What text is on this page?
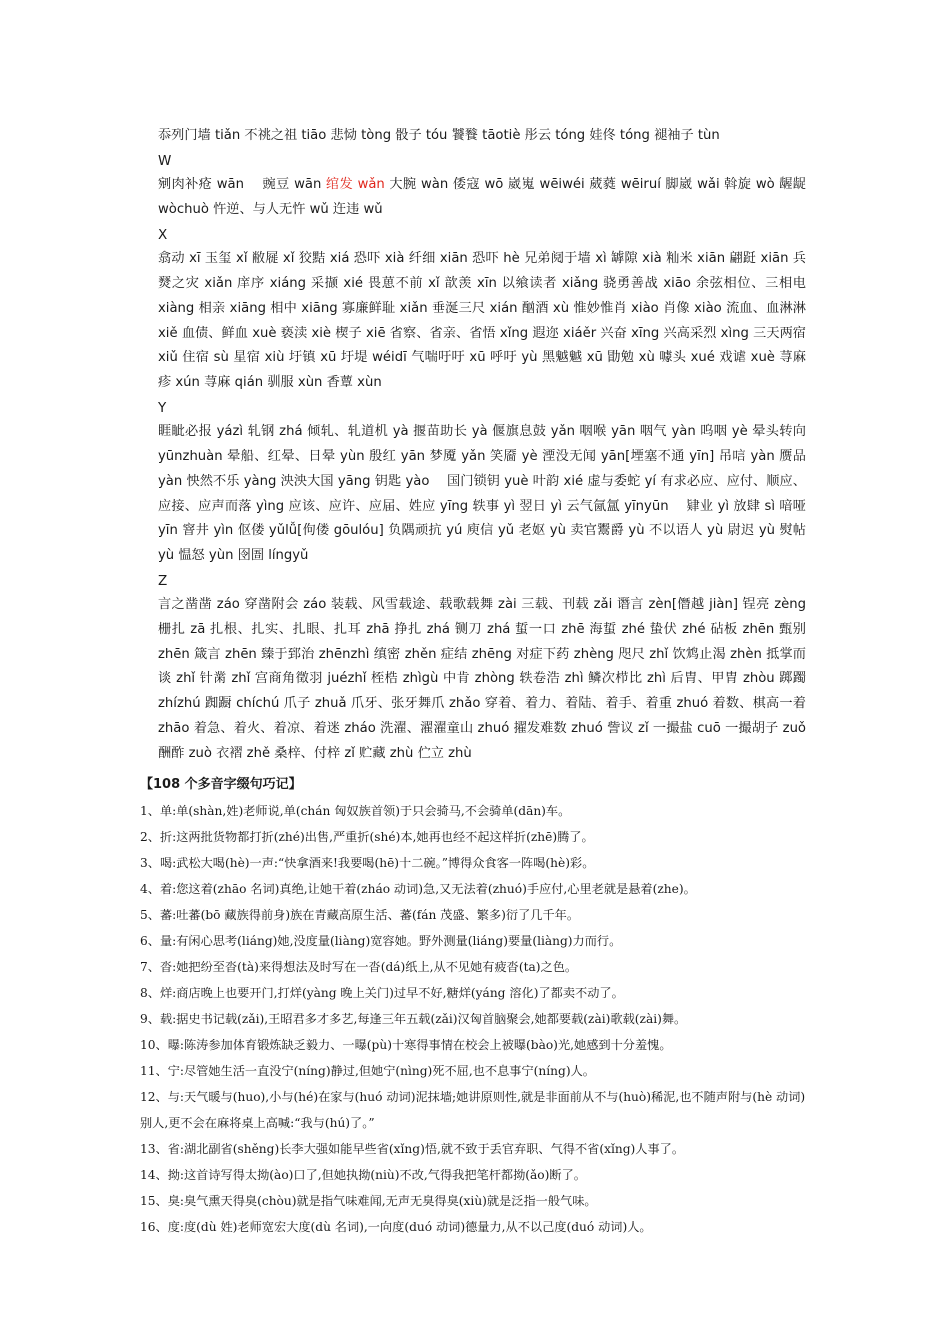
忝列门墙 tiǎn 不祧之祖 tiāo 悲恸 tòng 骰子 tóu 饕餮 tāotiè 彤云 tóng 娃佟 tóng 褪袖子 tùn

W

剜肉补疮 wān　 豌豆 wān 绾发 wǎn 大腕 wàn 倭寇 wō 崴嵬 wēiwéi 葳蕤 wēiruí 脚崴 wǎi 斡旋 wò 龌龊 wòchuò 忤逆、与人无忤 wǔ 迕违 wǔ

X

翕动 xī 玉玺 xǐ 敝屣 xǐ 狡黠 xiá 恐吓 xià 纤细 xiān 恐吓 hè 兄弟阋于墙 xì 罅隙 xià 籼米 xiān 翩跹 xiān 兵燹之灾 xiǎn 庠序 xiáng 采撷 xié 畏葸不前 xǐ 歆羡 xīn 以飨读者 xiǎng 骁勇善战 xiāo 余弦相位、三相电 xiàng 相亲 xiāng 相中 xiāng 寡廉鲜耻 xiǎn 垂涎三尺 xián 酗酒 xù 惟妙惟肖 xiào 肖像 xiào 流血、血淋淋 xiě 血债、鲜血 xuè 亵渎 xiè 楔子 xiē 省察、省亲、省悟 xǐng 遐迩 xiáěr 兴奋 xīng 兴高采烈 xìng 三天两宿 xiǔ 住宿 sù 星宿 xiù 圩镇 xū 圩堤 wéidī 气喘吁吁 xū 呼吁 yù 黑魆魆 xū 勖勉 xù 噱头 xué 戏谑 xuè 荨麻疹 xún 荨麻 qián 驯服 xùn 香蕈 xùn

Y

睚眦必报 yázì 轧钢 zhá 倾轧、轧道机 yà 揠苗助长 yà 偃旗息鼓 yǎn 咽喉 yān 咽气 yàn 呜咽 yè 晕头转向 yūnzhuàn 晕船、红晕、日晕 yùn 殷红 yān 梦魇 yǎn 笑靥 yè 湮没无闻 yān[堙塞不通 yīn] 吊唁 yàn 赝品 yàn 怏然不乐 yàng 泱泱大国 yāng 钥匙 yào　 国门锁钥 yuè 叶韵 xié 虚与委蛇 yí 有求必应、应付、顺应、应接、应声而落 yìng 应该、应许、应届、姓应 yīng 轶事 yì 翌日 yì 云气氤氲 yīnyūn　 肄业 yì 放肆 sì 喑哑 yīn 窨井 yìn 伛偻 yǔlǚ[佝偻 gōulóu] 负隅顽抗 yú 庾信 yǔ 老妪 yù 卖官鬻爵 yù 不以语人 yù 尉迟 yù 熨帖 yù 愠怒 yùn 囹圄 língyǔ

Z

言之凿凿 záo 穿凿附会 záo 装载、风雪载途、载歌载舞 zài 三载、刊载 zǎi 谮言 zèn[僭越 jiàn] 锃亮 zèng 栅扎 zā 扎根、扎实、扎眼、扎耳 zhā 挣扎 zhá 铡刀 zhá 蜇一口 zhē 海蜇 zhé 蛰伏 zhé 砧板 zhēn 甄别 zhēn 箴言 zhēn 臻于郅治 zhēnzhì 缜密 zhěn 症结 zhēng 对症下药 zhèng 咫尺 zhǐ 饮鸩止渴 zhèn 抵掌而谈 zhǐ 针黹 zhǐ 宫商角徵羽 juézhǐ 桎梏 zhìgù 中肯 zhòng 轶卷浩 zhì 鳞次栉比 zhì 后胄、甲胄 zhòu 踯躅 zhízhú 踟蹰 chíchú 爪子 zhuǎ 爪牙、张牙舞爪 zhǎo 穿着、着力、着陆、着手、着重 zhuó 着数、棋高一着 zhāo 着急、着火、着凉、着迷 zháo 洗濯、濯濯童山 zhuó 擢发难数 zhuó 訾议 zǐ 一撮盐 cuō 一撮胡子 zuǒ 酬酢 zuò 衣褶 zhě 桑梓、付梓 zǐ 贮藏 zhù 伫立 zhù

【108 个多音字缀句巧记】

1、单:单(shàn,姓)老师说,单(chán 匈奴族首领)于只会骑马,不会骑单(dān)车。

2、折:这两批货物都打折(zhé)出售,严重折(shé)本,她再也经不起这样折(zhē)腾了。

3、喝:武松大喝(hè)一声:“快拿酒来!我要喝(hē)十二碗。”博得众食客一阵喝(hè)彩。

4、着:您这着(zhāo 名词)真绝,让她干着(zháo 动词)急,又无法着(zhuó)手应付,心里老就是悬着(zhe)。

5、蕃:吐蕃(bō 藏族得前身)族在青藏高原生活、蕃(fán 茂盛、繁多)衍了几千年。

6、量:有闲心思考(liáng)她,没度量(liàng)宽容她。野外测量(liáng)要量(liàng)力而行。

7、沓:她把纷至沓(tà)来得想法及时写在一沓(dá)纸上,从不见她有疲沓(ta)之色。

8、烊:商店晚上也要开门,打烊(yàng 晚上关门)过早不好,糖烊(yáng 溶化)了都卖不动了。

9、载:据史书记载(zǎi),王昭君多才多艺,每逢三年五载(zǎi)汉匈首脑聚会,她都要载(zài)歌载(zài)舞。

10、曝:陈涛参加体育锻炼缺乏毅力、一曝(pù)十寒得事情在校会上被曝(bào)光,她感到十分羞愧。

11、宁:尽管她生活一直没宁(níng)静过,但她宁(nìng)死不屈,也不息事宁(níng)人。

12、与:天气暖与(huo),小与(hé)在家与(huó 动词)泥抹墙;她讲原则性,就是非面前从不与(huò)稀泥,也不随声附与(hè 动词)别人,更不会在麻将桌上高喊:“我与(hú)了。”

13、省:湖北副省(shěng)长李大强如能早些省(xǐng)悟,就不致于丢官弃职、气得不省(xǐng)人事了。

14、拗:这首诗写得太拗(ào)口了,但她执拗(niù)不改,气得我把笔杆都拗(ǎo)断了。

15、臭:臭气熏天得臭(chòu)就是指气味难闻,无声无臭得臭(xiù)就是泛指一般气味。

16、度:度(dù 姓)老师宽宏大度(dù 名词),一向度(duó 动词)德量力,从不以己度(duó 动词)人。
